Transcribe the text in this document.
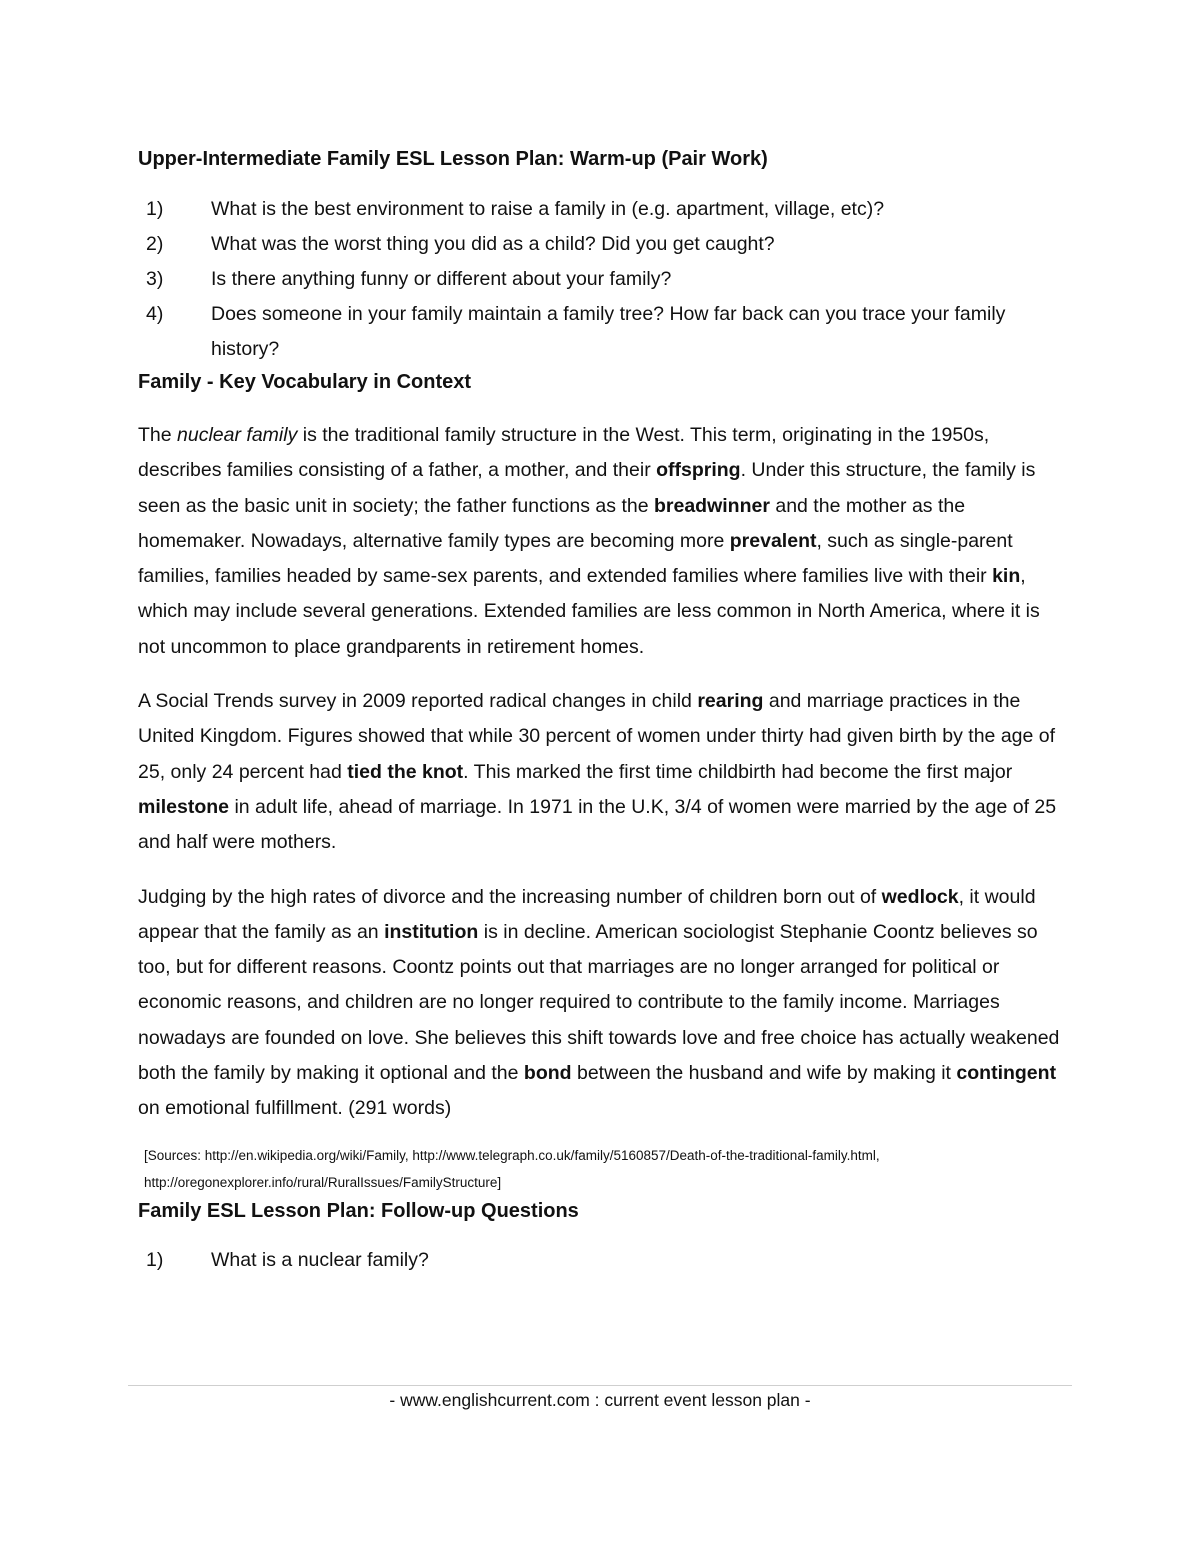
Upper-Intermediate Family ESL Lesson Plan: Warm-up (Pair Work)
1)	What is the best environment to raise a family in (e.g. apartment, village, etc)?
2)	What was the worst thing you did as a child? Did you get caught?
3)	Is there anything funny or different about your family?
4)	Does someone in your family maintain a family tree? How far back can you trace your family history?
Family - Key Vocabulary in Context

The nuclear family is the traditional family structure in the West. This term, originating in the 1950s, describes families consisting of a father, a mother, and their offspring. Under this structure, the family is seen as the basic unit in society; the father functions as the breadwinner and the mother as the homemaker. Nowadays, alternative family types are becoming more prevalent, such as single-parent families, families headed by same-sex parents, and extended families where families live with their kin, which may include several generations. Extended families are less common in North America, where it is not uncommon to place grandparents in retirement homes.

A Social Trends survey in 2009 reported radical changes in child rearing and marriage practices in the United Kingdom. Figures showed that while 30 percent of women under thirty had given birth by the age of 25, only 24 percent had tied the knot. This marked the first time childbirth had become the first major milestone in adult life, ahead of marriage. In 1971 in the U.K, 3/4 of women were married by the age of 25 and half were mothers.

Judging by the high rates of divorce and the increasing number of children born out of wedlock, it would appear that the family as an institution is in decline. American sociologist Stephanie Coontz believes so too, but for different reasons. Coontz points out that marriages are no longer arranged for political or economic reasons, and children are no longer required to contribute to the family income. Marriages nowadays are founded on love. She believes this shift towards love and free choice has actually weakened both the family by making it optional and the bond between the husband and wife by making it contingent on emotional fulfillment. (291 words)

[Sources: http://en.wikipedia.org/wiki/Family, http://www.telegraph.co.uk/family/5160857/Death-of-the-traditional-family.html, http://oregonexplorer.info/rural/RuralIssues/FamilyStructure]

Family ESL Lesson Plan: Follow-up Questions
1)	What is a nuclear family?
- www.englishcurrent.com : current event lesson plan -
